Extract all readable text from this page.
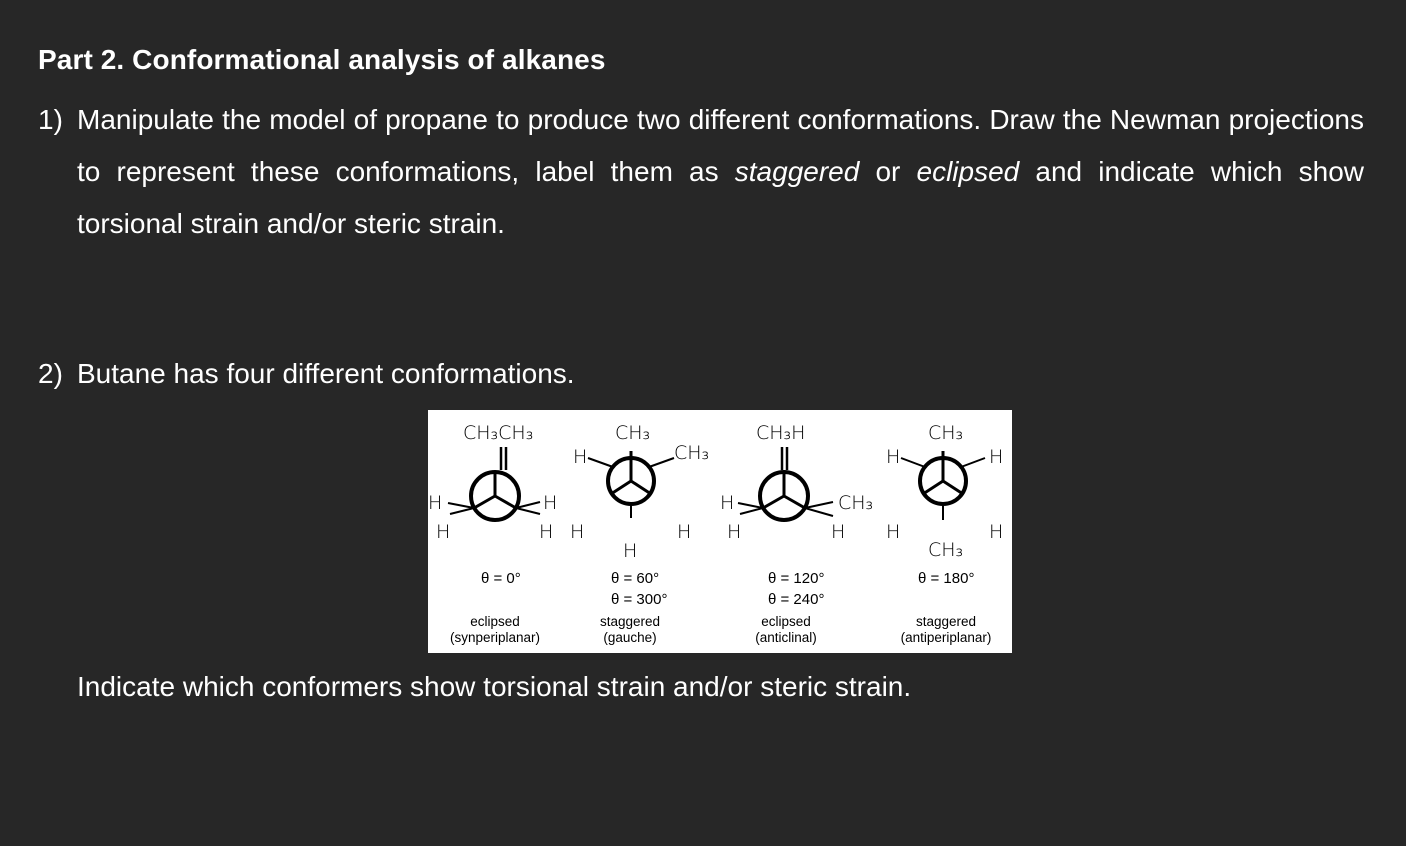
Part 2. Conformational analysis of alkanes
1) Manipulate the model of propane to produce two different conformations. Draw the Newman projections to represent these conformations, label them as staggered or eclipsed and indicate which show torsional strain and/or steric strain.
2) Butane has four different conformations.
CH₃CH₃
H
H
H
H
θ = 0°
eclipsed
(synperiplanar)
CH₃
H	CH₃
H	H
H
θ = 60°
θ = 300°
staggered
(gauche)
CH₃H
H
H
CH₃
H
θ = 120°
θ = 240°
eclipsed
(anticlinal)
CH₃
H	H
H	H
CH₃
θ = 180°
staggered
(antiperiplanar)
Indicate which conformers show torsional strain and/or steric strain.
